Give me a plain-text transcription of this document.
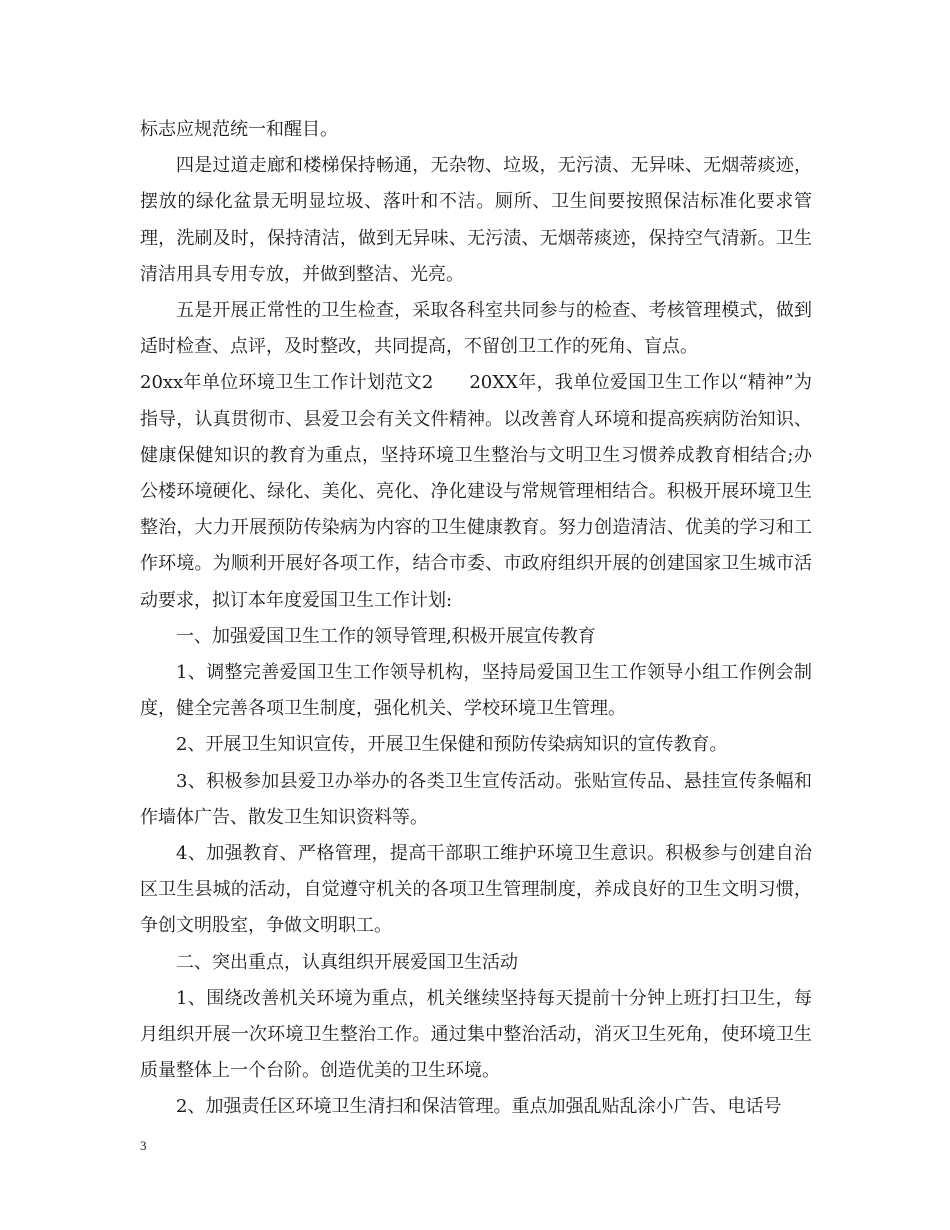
标志应规范统一和醒目。

四是过道走廊和楼梯保持畅通，无杂物、垃圾，无污渍、无异味、无烟蒂痰迹，摆放的绿化盆景无明显垃圾、落叶和不洁。厕所、卫生间要按照保洁标准化要求管理，洗刷及时，保持清洁，做到无异味、无污渍、无烟蒂痰迹，保持空气清新。卫生清洁用具专用专放，并做到整洁、光亮。

五是开展正常性的卫生检查，采取各科室共同参与的检查、考核管理模式，做到适时检查、点评，及时整改，共同提高，不留创卫工作的死角、盲点。

20xx年单位环境卫生工作计划范文2 20XX年，我单位爱国卫生工作以“精神”为指导，认真贯彻市、县爱卫会有关文件精神。以改善育人环境和提高疾病防治知识、健康保健知识的教育为重点，坚持环境卫生整治与文明卫生习惯养成教育相结合;办公楼环境硬化、绿化、美化、亮化、净化建设与常规管理相结合。积极开展环境卫生整治，大力开展预防传染病为内容的卫生健康教育。努力创造清洁、优美的学习和工作环境。为顺利开展好各项工作，结合市委、市政府组织开展的创建国家卫生城市活动要求，拟订本年度爱国卫生工作计划:

一、加强爱国卫生工作的领导管理,积极开展宣传教育

1、调整完善爱国卫生工作领导机构，坚持局爱国卫生工作领导小组工作例会制度，健全完善各项卫生制度，强化机关、学校环境卫生管理。

2、开展卫生知识宣传，开展卫生保健和预防传染病知识的宣传教育。

3、积极参加县爱卫办举办的各类卫生宣传活动。张贴宣传品、悬挂宣传条幅和作墙体广告、散发卫生知识资料等。

4、加强教育、严格管理，提高干部职工维护环境卫生意识。积极参与创建自治区卫生县城的活动，自觉遵守机关的各项卫生管理制度，养成良好的卫生文明习惯，争创文明股室，争做文明职工。

二、突出重点，认真组织开展爱国卫生活动

1、围绕改善机关环境为重点，机关继续坚持每天提前十分钟上班打扫卫生，每月组织开展一次环境卫生整治工作。通过集中整治活动，消灭卫生死角，使环境卫生质量整体上一个台阶。创造优美的卫生环境。

2、加强责任区环境卫生清扫和保洁管理。重点加强乱贴乱涂小广告、电话号

3
